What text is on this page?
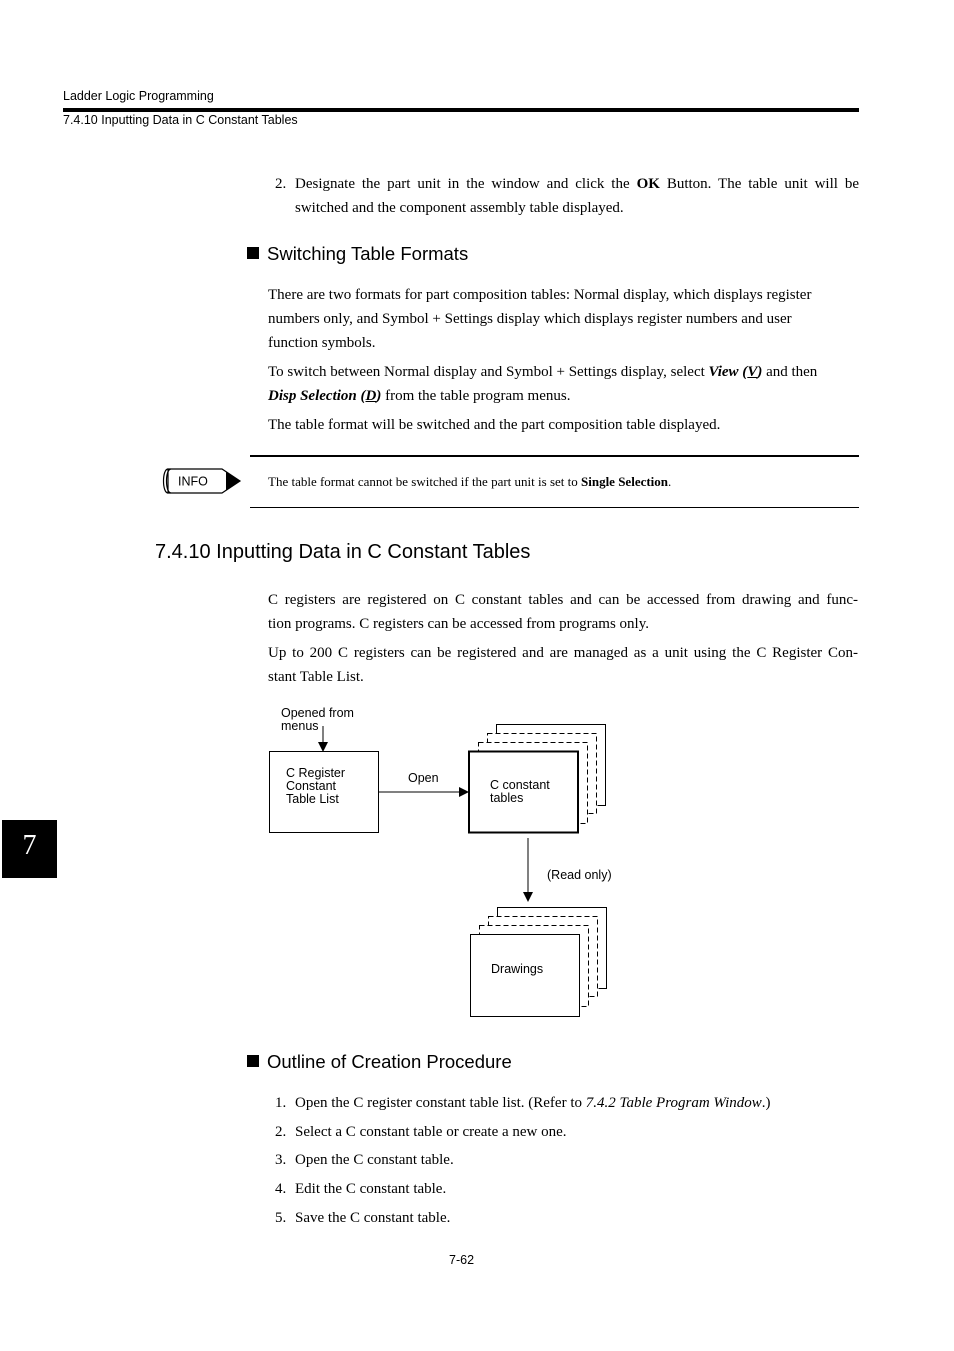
Ladder Logic Programming
7.4.10 Inputting Data in C Constant Tables
2. Designate the part unit in the window and click the OK Button. The table unit will be
switched and the component assembly table displayed.
Switching Table Formats
There are two formats for part composition tables: Normal display, which displays register
numbers only, and Symbol + Settings display which displays register numbers and user
function symbols.
To switch between Normal display and Symbol + Settings display, select View (V) and then
Disp Selection (D) from the table program menus.
The table format will be switched and the part composition table displayed.
INFO	The table format cannot be switched if the part unit is set to Single Selection.
7.4.10 Inputting Data in C Constant Tables
C registers are registered on C constant tables and can be accessed from drawing and func-
tion programs. C registers can be accessed from programs only.
Up to 200 C registers can be registered and are managed as a unit using the C Register Con-
stant Table List.
Opened from
menus
C Register
Constant
Table List
Open	C constant
tables
(Read only)
Drawings
7
Outline of Creation Procedure
1. Open the C register constant table list. (Refer to 7.4.2 Table Program Window.)
2. Select a C constant table or create a new one.
3. Open the C constant table.
4. Edit the C constant table.
5. Save the C constant table.
7-62
